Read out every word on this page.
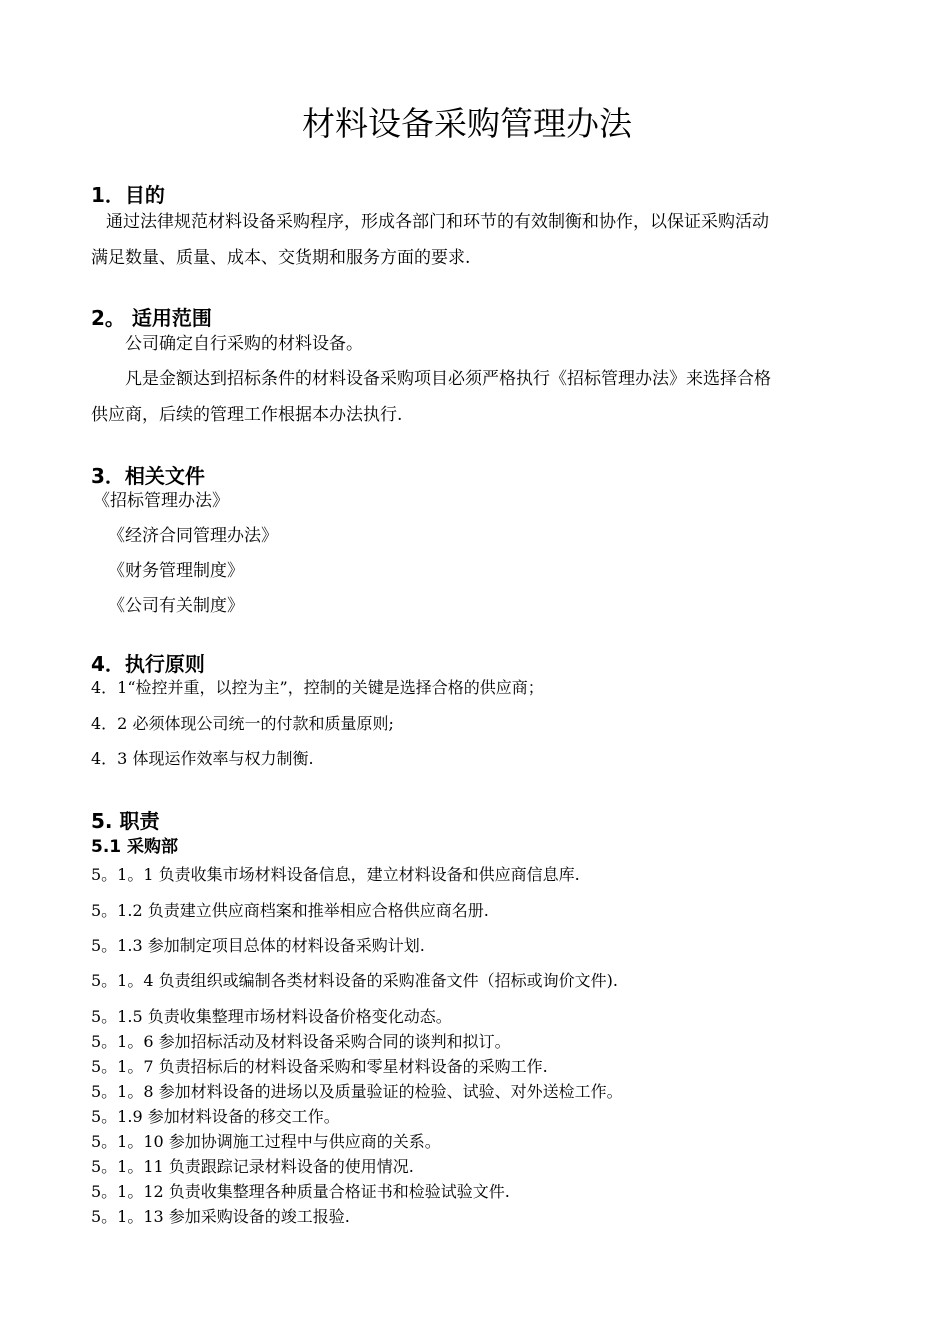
材料设备采购管理办法
1．目的
通过法律规范材料设备采购程序，形成各部门和环节的有效制衡和协作，以保证采购活动
满足数量、质量、成本、交货期和服务方面的要求.
2。 适用范围
公司确定自行采购的材料设备。
凡是金额达到招标条件的材料设备采购项目必须严格执行《招标管理办法》来选择合格
供应商，后续的管理工作根据本办法执行.
3．相关文件
《招标管理办法》
《经济合同管理办法》
《财务管理制度》
《公司有关制度》
4．执行原则
4．1“检控并重，以控为主”，控制的关键是选择合格的供应商；
4．2 必须体现公司统一的付款和质量原则;
4．3 体现运作效率与权力制衡.
5. 职责
5.1 采购部
5。1。1 负责收集市场材料设备信息，建立材料设备和供应商信息库.
5。1.2 负责建立供应商档案和推举相应合格供应商名册.
5。1.3 参加制定项目总体的材料设备采购计划.
5。1。4 负责组织或编制各类材料设备的采购准备文件（招标或询价文件).
5。1.5 负责收集整理市场材料设备价格变化动态。
5。1。6 参加招标活动及材料设备采购合同的谈判和拟订。
5。1。7 负责招标后的材料设备采购和零星材料设备的采购工作.
5。1。8 参加材料设备的进场以及质量验证的检验、试验、对外送检工作。
5。1.9 参加材料设备的移交工作。
5。1。10 参加协调施工过程中与供应商的关系。
5。1。11 负责跟踪记录材料设备的使用情况.
5。1。12 负责收集整理各种质量合格证书和检验试验文件.
5。1。13 参加采购设备的竣工报验.
